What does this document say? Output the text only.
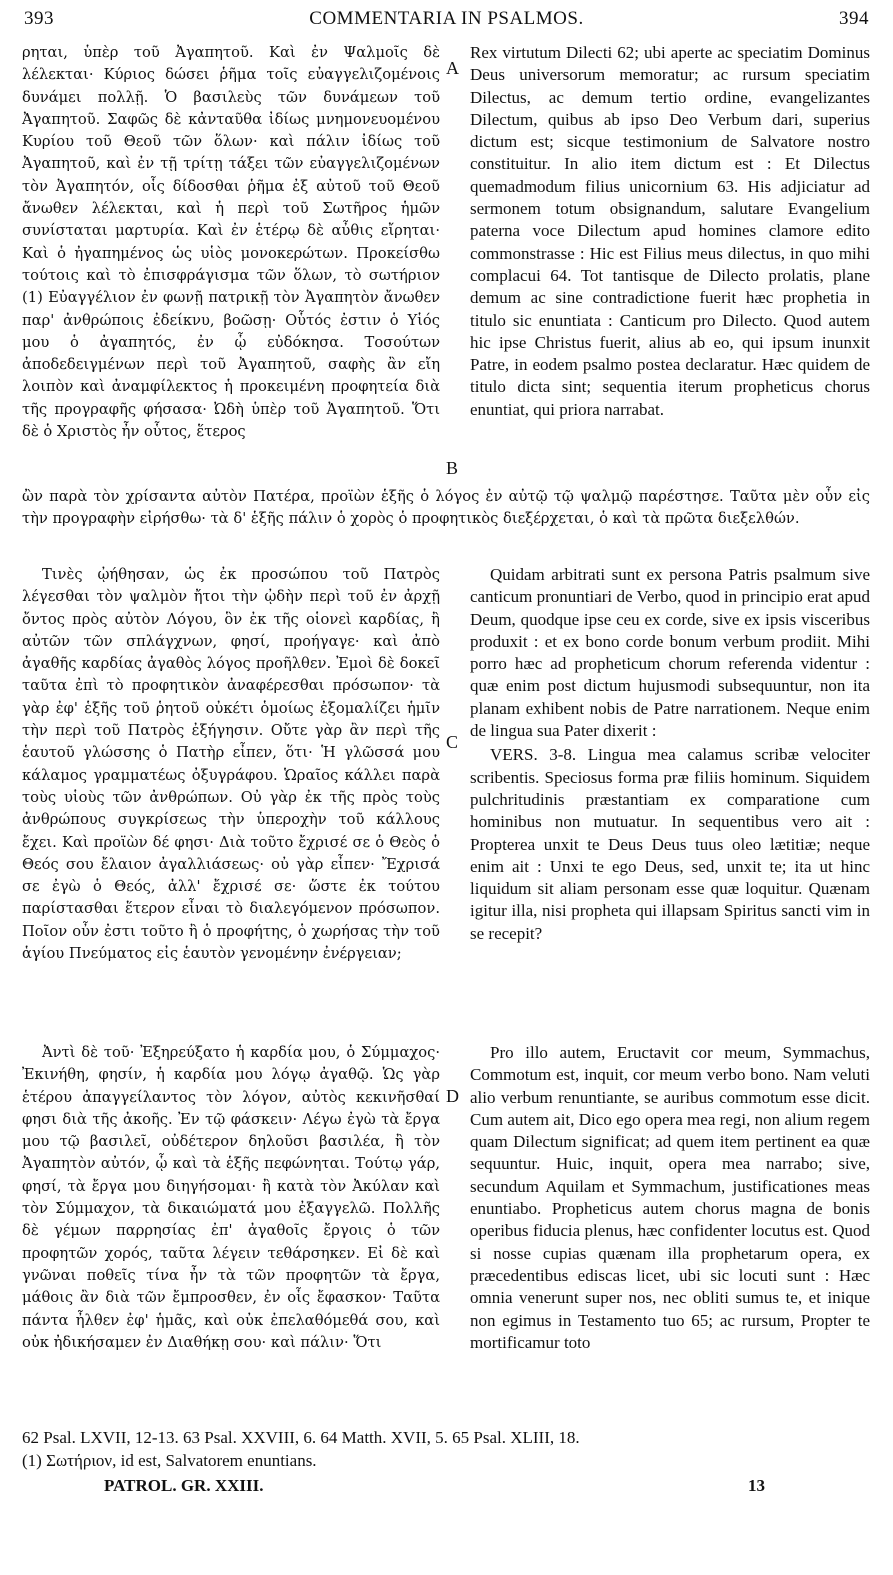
393	COMMENTARIA IN PSALMOS.	394

ρηται, ὑπὲρ τοῦ Ἀγαπητοῦ. Καὶ ἐν Ψαλμοῖς δὲ λέλεκται· Κύριος δώσει ῥῆμα τοῖς εὐαγγελιζομένοις δυνάμει πολλῇ. Ὁ βασιλεὺς τῶν δυνάμεων τοῦ Ἀγαπητοῦ. Σαφῶς δὲ κἀνταῦθα ἰδίως μνημονευομένου Κυρίου τοῦ Θεοῦ τῶν ὅλων· καὶ πάλιν ἰδίως τοῦ Ἀγαπητοῦ, καὶ ἐν τῇ τρίτῃ τάξει τῶν εὐαγγελιζομένων τὸν Ἀγαπητόν, οἷς δίδοσθαι ῥῆμα ἐξ αὐτοῦ τοῦ Θεοῦ ἄνωθεν λέλεκται, καὶ ἡ περὶ τοῦ Σωτῆρος ἡμῶν συνίσταται μαρτυρία. Καὶ ἐν ἑτέρῳ δὲ αὖθις εἴρηται· Καὶ ὁ ἠγαπημένος ὡς υἱὸς μονοκερώτων. Προκείσθω τούτοις καὶ τὸ ἐπισφράγισμα τῶν ὅλων, τὸ σωτήριον (1) Εὐαγγέλιον ἐν φωνῇ πατρικῇ τὸν Ἀγαπητὸν ἄνωθεν παρ' ἀνθρώποις ἐδείκνυ, βοῶσῃ· Οὗτός ἐστιν ὁ Υἱός μου ὁ ἀγαπητός, ἐν ᾧ εὐδόκησα. Τοσούτων ἀποδεδειγμένων περὶ τοῦ Ἀγαπητοῦ, σαφὴς ἂν εἴη λοιπὸν καὶ ἀναμφίλεκτος ἡ προκειμένη προφητεία διὰ τῆς προγραφῆς φήσασα· Ὠδὴ ὑπὲρ τοῦ Ἀγαπητοῦ. Ὅτι δὲ ὁ Χριστὸς ἦν οὗτος, ἕτερος

A

Rex virtutum Dilecti 62; ubi aperte ac speciatim Dominus Deus universorum memoratur; ac rursum speciatim Dilectus, ac demum tertio ordine, evangelizantes Dilectum, quibus ab ipso Deo Verbum dari, superius dictum est; sicque testimonium de Salvatore nostro constituitur. In alio item dictum est : Et Dilectus quemadmodum filius unicornium 63. His adjiciatur ad sermonem totum obsignandum, salutare Evangelium paterna voce Dilectum apud homines clamore edito commonstrasse : Hic est Filius meus dilectus, in quo mihi complacui 64. Tot tantisque de Dilecto prolatis, plane demum ac sine contradictione fuerit hæc prophetia in titulo sic enuntiata : Canticum pro Dilecto. Quod autem hic ipse Christus fuerit, alius ab eo, qui ipsum inunxit Patre, in eodem psalmo postea declaratur. Hæc quidem de titulo dicta sint; sequentia iterum propheticus chorus enuntiat, qui priora narrabat.

B

ὢν παρὰ τὸν χρίσαντα αὐτὸν Πατέρα, προϊὼν ἑξῆς ὁ λόγος ἐν αὐτῷ τῷ ψαλμῷ παρέστησε. Ταῦτα μὲν οὖν εἰς τὴν προγραφὴν εἰρήσθω· τὰ δ' ἑξῆς πάλιν ὁ χορὸς ὁ προφητικὸς διεξέρχεται, ὁ καὶ τὰ πρῶτα διεξελθών.

Τινὲς ᾠήθησαν, ὡς ἐκ προσώπου τοῦ Πατρὸς λέγεσθαι τὸν ψαλμὸν ἤτοι τὴν ᾠδὴν περὶ τοῦ ἐν ἀρχῇ ὄντος πρὸς αὐτὸν Λόγου, ὃν ἐκ τῆς οἱονεὶ καρδίας, ἢ αὐτῶν τῶν σπλάγχνων, φησί, προήγαγε· καὶ ἀπὸ ἀγαθῆς καρδίας ἀγαθὸς λόγος προῆλθεν. Ἐμοὶ δὲ δοκεῖ ταῦτα ἐπὶ τὸ προφητικὸν ἀναφέρεσθαι πρόσωπον· τὰ γὰρ ἐφ' ἑξῆς τοῦ ῥητοῦ οὐκέτι ὁμοίως ἐξομαλίζει ἡμῖν τὴν περὶ τοῦ Πατρὸς ἐξήγησιν. Οὔτε γὰρ ἂν περὶ τῆς ἑαυτοῦ γλώσσης ὁ Πατὴρ εἶπεν, ὅτι· Ἡ γλῶσσά μου κάλαμος γραμματέως ὀξυγράφου. Ὡραῖος κάλλει παρὰ τοὺς υἱοὺς τῶν ἀνθρώπων. Οὐ γὰρ ἐκ τῆς πρὸς τοὺς ἀνθρώπους συγκρίσεως τὴν ὑπεροχὴν τοῦ κάλλους ἔχει. Καὶ προϊὼν δέ φησι· Διὰ τοῦτο ἔχρισέ σε ὁ Θεὸς ὁ Θεός σου ἔλαιον ἀγαλλιάσεως· οὐ γὰρ εἶπεν· Ἔχρισά σε ἐγὼ ὁ Θεός, ἀλλ' ἔχρισέ σε· ὥστε ἐκ τούτου παρίστασθαι ἕτερον εἶναι τὸ διαλεγόμενον πρόσωπον. Ποῖον οὖν ἐστι τοῦτο ἢ ὁ προφήτης, ὁ χωρήσας τὴν τοῦ ἁγίου Πνεύματος εἰς ἑαυτὸν γενομένην ἐνέργειαν;

C

Quidam arbitrati sunt ex persona Patris psalmum sive canticum pronuntiari de Verbo, quod in principio erat apud Deum, quodque ipse ceu ex corde, sive ex ipsis visceribus produxit : et ex bono corde bonum verbum prodiit. Mihi porro hæc ad propheticum chorum referenda videntur : quæ enim post dictum hujusmodi subsequuntur, non ita planam exhibent nobis de Patre narrationem. Neque enim de lingua sua Pater dixerit :

VERS. 3-8. Lingua mea calamus scribæ velociter scribentis. Speciosus forma præ filiis hominum. Siquidem pulchritudinis præstantiam ex comparatione cum hominibus non mutuatur. In sequentibus vero ait : Propterea unxit te Deus Deus tuus oleo lætitiæ; neque enim ait : Unxi te ego Deus, sed, unxit te; ita ut hinc liquidum sit aliam personam esse quæ loquitur. Quænam igitur illa, nisi propheta qui illapsam Spiritus sancti vim in se recepit?

D

Ἀντὶ δὲ τοῦ· Ἐξηρεύξατο ἡ καρδία μου, ὁ Σύμμαχος· Ἐκινήθη, φησίν, ἡ καρδία μου λόγῳ ἀγαθῷ. Ὡς γὰρ ἑτέρου ἀπαγγείλαντος τὸν λόγον, αὐτὸς κεκινῆσθαί φησι διὰ τῆς ἀκοῆς. Ἐν τῷ φάσκειν· Λέγω ἐγὼ τὰ ἔργα μου τῷ βασιλεῖ, οὐδέτερον δηλοῦσι βασιλέα, ἢ τὸν Ἀγαπητὸν αὐτόν, ᾧ καὶ τὰ ἑξῆς πεφώνηται. Τούτῳ γάρ, φησί, τὰ ἔργα μου διηγήσομαι· ἢ κατὰ τὸν Ἀκύλαν καὶ τὸν Σύμμαχον, τὰ δικαιώματά μου ἐξαγγελῶ. Πολλῆς δὲ γέμων παρρησίας ἐπ' ἀγαθοῖς ἔργοις ὁ τῶν προφητῶν χορός, ταῦτα λέγειν τεθάρσηκεν. Εἰ δὲ καὶ γνῶναι ποθεῖς τίνα ἦν τὰ τῶν προφητῶν τὰ ἔργα, μάθοις ἂν διὰ τῶν ἔμπροσθεν, ἐν οἷς ἔφασκον· Ταῦτα πάντα ἦλθεν ἐφ' ἡμᾶς, καὶ οὐκ ἐπελαθόμεθά σου, καὶ οὐκ ἠδικήσαμεν ἐν Διαθήκῃ σου· καὶ πάλιν· Ὅτι

Pro illo autem, Eructavit cor meum, Symmachus, Commotum est, inquit, cor meum verbo bono. Nam veluti alio verbum renuntiante, se auribus commotum esse dicit. Cum autem ait, Dico ego opera mea regi, non alium regem quam Dilectum significat; ad quem item pertinent ea quæ sequuntur. Huic, inquit, opera mea narrabo; sive, secundum Aquilam et Symmachum, justificationes meas enuntiabo. Propheticus autem chorus magna de bonis operibus fiducia plenus, hæc confidenter locutus est. Quod si nosse cupias quænam illa prophetarum opera, ex præcedentibus ediscas licet, ubi sic locuti sunt : Hæc omnia venerunt super nos, nec obliti sumus te, et inique non egimus in Testamento tuo 65; ac rursum, Propter te mortificamur toto

62 Psal. LXVII, 12-13. 63 Psal. XXVIII, 6. 64 Matth. XVII, 5. 65 Psal. XLIII, 18.
(1) Σωτήριον, id est, Salvatorem enuntians.
PATROL. GR. XXIII.	13
